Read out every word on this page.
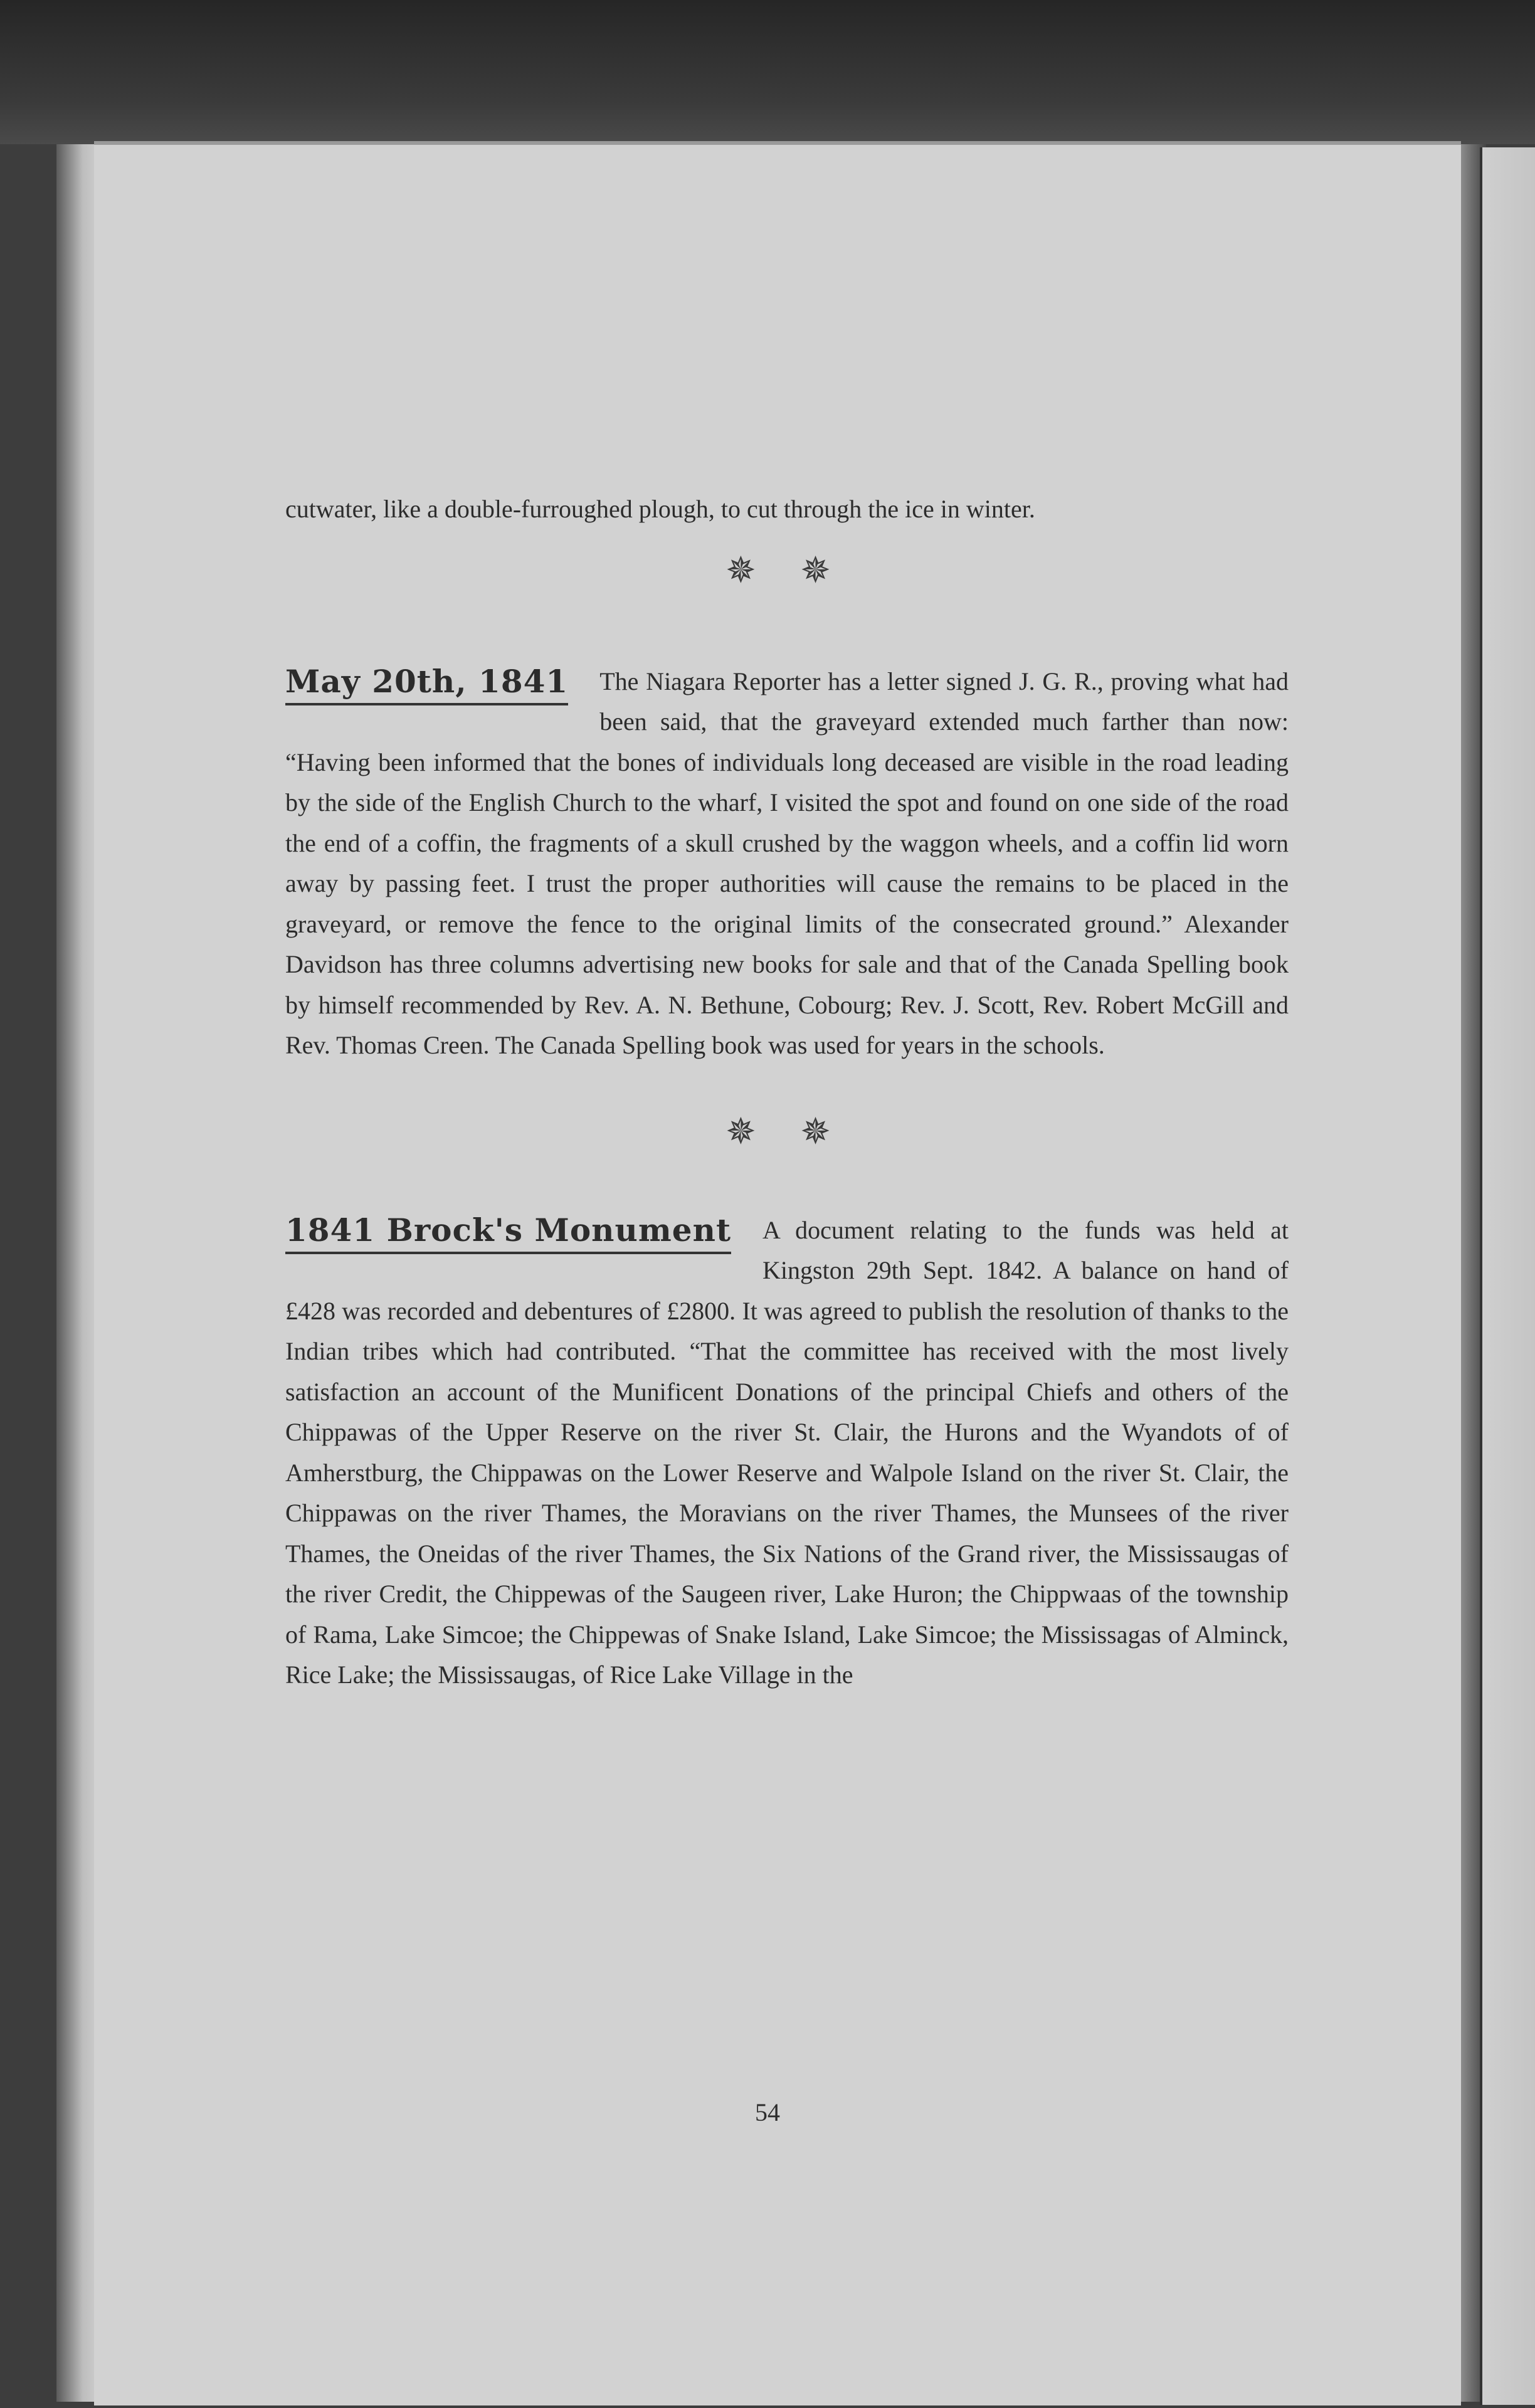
cutwater, like a double-furroughed plough, to cut through the ice in winter.

✵ ✵

May 20th, 1841 The Niagara Reporter has a letter signed J. G. R., proving what had been said, that the graveyard extended much farther than now: “Having been informed that the bones of individuals long deceased are visible in the road leading by the side of the English Church to the wharf, I visited the spot and found on one side of the road the end of a coffin, the fragments of a skull crushed by the waggon wheels, and a coffin lid worn away by passing feet. I trust the proper authorities will cause the remains to be placed in the graveyard, or remove the fence to the original limits of the consecrated ground.” Alexander Davidson has three columns advertising new books for sale and that of the Canada Spelling book by himself recommended by Rev. A. N. Bethune, Cobourg; Rev. J. Scott, Rev. Robert McGill and Rev. Thomas Creen. The Canada Spelling book was used for years in the schools.

✵ ✵

1841 Brock's Monument A document relating to the funds was held at Kingston 29th Sept. 1842. A balance on hand of £428 was recorded and debentures of £2800. It was agreed to publish the resolution of thanks to the Indian tribes which had contributed. “That the committee has received with the most lively satisfaction an account of the Munificent Donations of the principal Chiefs and others of the Chippawas of the Upper Reserve on the river St. Clair, the Hurons and the Wyandots of of Amherstburg, the Chippawas on the Lower Reserve and Walpole Island on the river St. Clair, the Chippawas on the river Thames, the Moravians on the river Thames, the Munsees of the river Thames, the Oneidas of the river Thames, the Six Nations of the Grand river, the Mississaugas of the river Credit, the Chippewas of the Saugeen river, Lake Huron; the Chippwaas of the township of Rama, Lake Simcoe; the Chippewas of Snake Island, Lake Simcoe; the Mississagas of Alminck, Rice Lake; the Mississaugas, of Rice Lake Village in the

54
